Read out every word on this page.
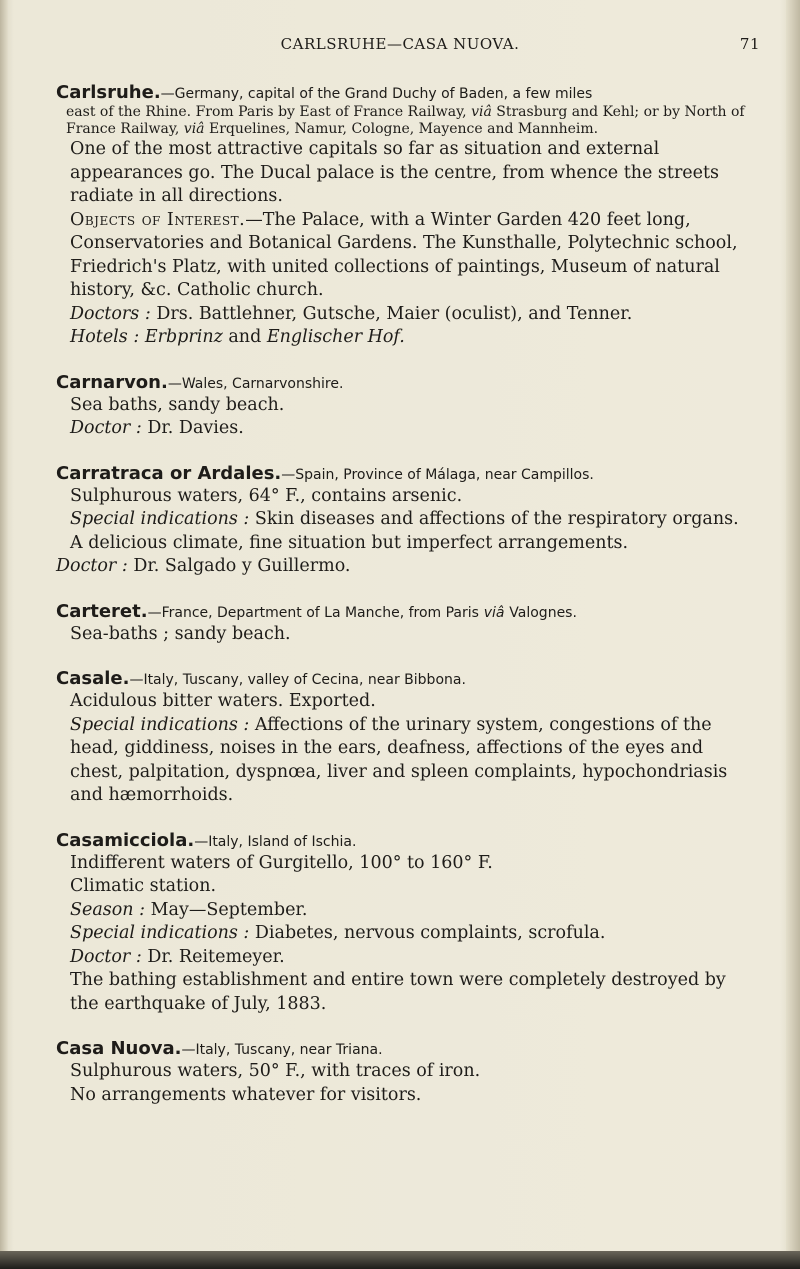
CARLSRUHE—CASA NUOVA.	71
Carlsruhe.—Germany, capital of the Grand Duchy of Baden, a few miles
east of the Rhine. From Paris by East of France Railway, viâ Strasburg and Kehl; or by North of France Railway, viâ Erquelines, Namur, Cologne, Mayence and Mannheim.
One of the most attractive capitals so far as situation and external appearances go. The Ducal palace is the centre, from whence the streets radiate in all directions.
Objects of Interest.—The Palace, with a Winter Garden 420 feet long, Conservatories and Botanical Gardens. The Kunsthalle, Polytechnic school, Friedrich's Platz, with united collections of paintings, Museum of natural history, &c. Catholic church.
Doctors : Drs. Battlehner, Gutsche, Maier (oculist), and Tenner.
Hotels : Erbprinz and Englischer Hof.
Carnarvon.—Wales, Carnarvonshire.
Sea baths, sandy beach.
Doctor : Dr. Davies.
Carratraca or Ardales.—Spain, Province of Málaga, near Campillos.
Sulphurous waters, 64° F., contains arsenic.
Special indications : Skin diseases and affections of the respiratory organs.
A delicious climate, fine situation but imperfect arrangements.
Doctor : Dr. Salgado y Guillermo.
Carteret.—France, Department of La Manche, from Paris viâ Valognes.
Sea-baths ; sandy beach.
Casale.—Italy, Tuscany, valley of Cecina, near Bibbona.
Acidulous bitter waters. Exported.
Special indications : Affections of the urinary system, congestions of the head, giddiness, noises in the ears, deafness, affections of the eyes and chest, palpitation, dyspnœa, liver and spleen complaints, hypochondriasis and hæmorrhoids.
Casamicciola.—Italy, Island of Ischia.
Indifferent waters of Gurgitello, 100° to 160° F.
Climatic station.
Season : May—September.
Special indications : Diabetes, nervous complaints, scrofula.
Doctor : Dr. Reitemeyer.
The bathing establishment and entire town were completely destroyed by the earthquake of July, 1883.
Casa Nuova.—Italy, Tuscany, near Triana.
Sulphurous waters, 50° F., with traces of iron.
No arrangements whatever for visitors.
